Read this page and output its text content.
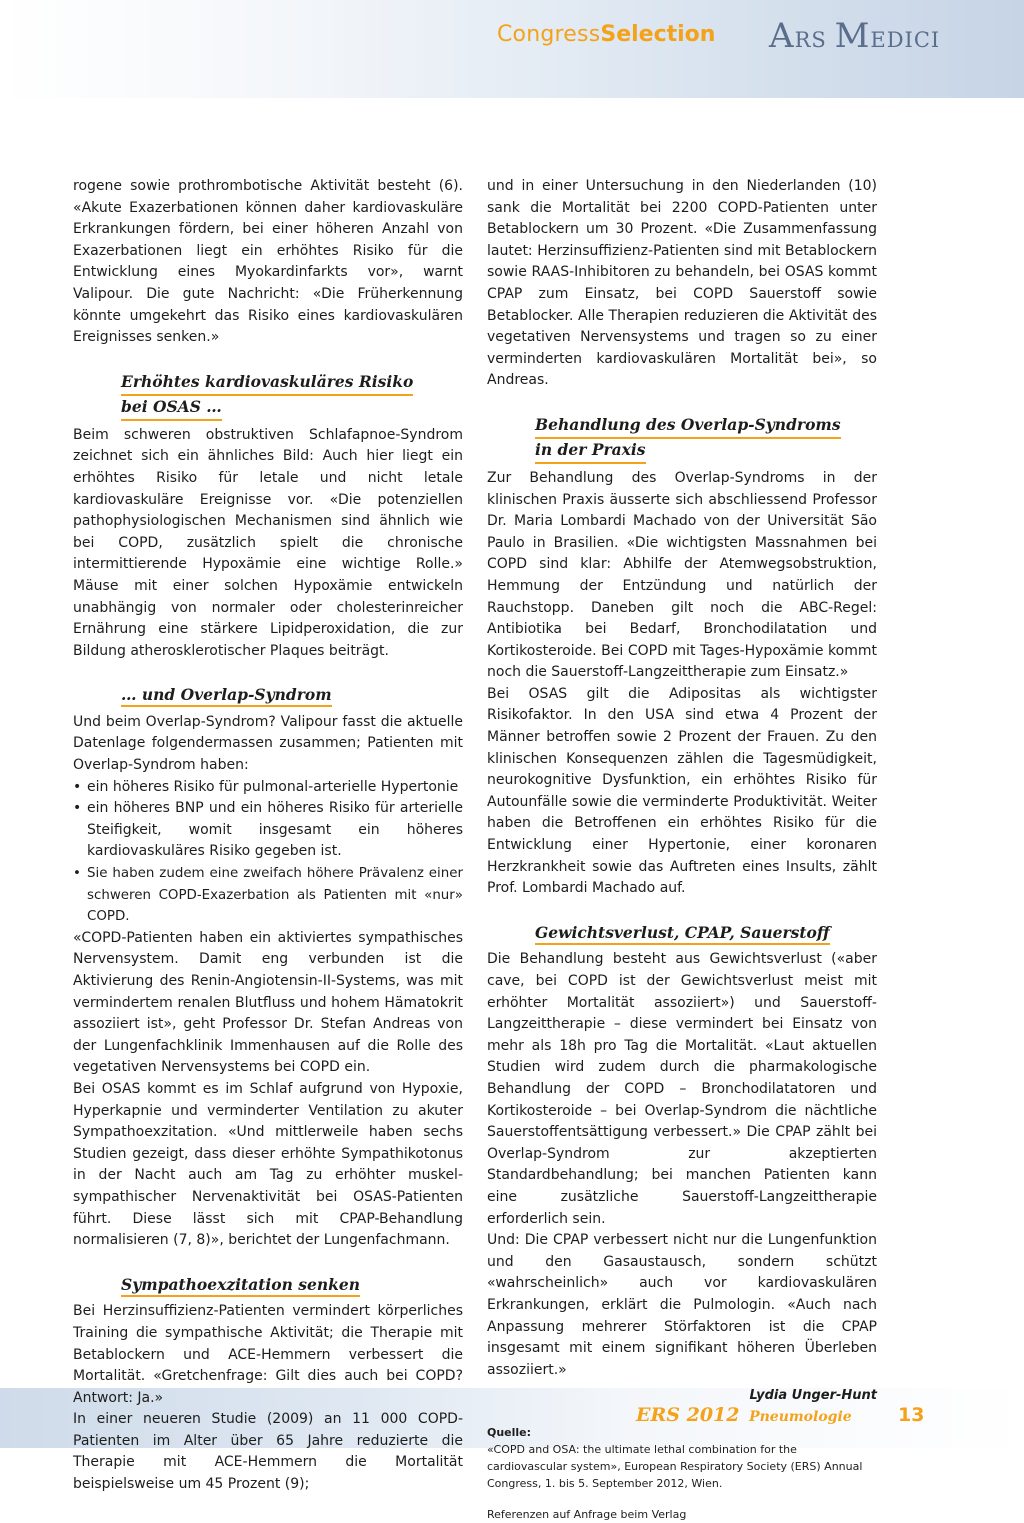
CongressSelection ARS  MEDICI

rogene sowie prothrombotische Aktivität besteht (6). «Akute Exazerbationen können daher kardiovaskuläre Erkrankungen fördern, bei einer höheren Anzahl von Exazerbationen liegt ein erhöhtes Risiko für die Entwicklung eines Myokardinfarkts vor», warnt Valipour. Die gute Nachricht: «Die Früherkennung könnte umgekehrt das Risiko eines kardiovaskulären Ereignisses senken.»

Erhöhtes kardiovaskuläres Risiko
bei OSAS …

Beim schweren obstruktiven Schlafapnoe-Syndrom zeichnet sich ein ähnliches Bild: Auch hier liegt ein erhöhtes Risiko für letale und nicht letale kardiovaskuläre Ereignisse vor. «Die potenziellen pathophysiologischen Mechanismen sind ähnlich wie bei COPD, zusätzlich spielt die chronische intermittierende Hypoxämie eine wichtige Rolle.» Mäuse mit einer solchen Hypoxämie entwickeln unabhängig von normaler oder cholesterinreicher Ernährung eine stärkere Lipidperoxidation, die zur Bildung atherosklerotischer Plaques beiträgt.

… und Overlap-Syndrom

Und beim Overlap-Syndrom? Valipour fasst die aktuelle Datenlage folgendermassen zusammen; Patienten mit Overlap-Syndrom haben:

• ein höheres Risiko für pulmonal-arterielle Hypertonie
• ein höheres BNP und ein höheres Risiko für arterielle Steifigkeit, womit insgesamt ein höheres kardiovaskuläres Risiko gegeben ist.
• Sie haben zudem eine zweifach höhere Prävalenz einer schweren COPD-Exazerbation als Patienten mit «nur» COPD.

«COPD-Patienten haben ein aktiviertes sympathisches Nervensystem. Damit eng verbunden ist die Aktivierung des Renin-Angiotensin-II-Systems, was mit vermindertem renalen Blutfluss und hohem Hämatokrit assoziiert ist», geht Professor Dr. Stefan Andreas von der Lungenfachklinik Immenhausen auf die Rolle des vegetativen Nervensystems bei COPD ein.

Bei OSAS kommt es im Schlaf aufgrund von Hypoxie, Hyperkapnie und verminderter Ventilation zu akuter Sympathoexzitation. «Und mittlerweile haben sechs Studien gezeigt, dass dieser erhöhte Sympathikotonus in der Nacht auch am Tag zu erhöhter muskel-sympathischer Nervenaktivität bei OSAS-Patienten führt. Diese lässt sich mit CPAP-Behandlung normalisieren (7, 8)», berichtet der Lungenfachmann.

Sympathoexzitation senken

Bei Herzinsuffizienz-Patienten vermindert körperliches Training die sympathische Aktivität; die Therapie mit Betablockern und ACE-Hemmern verbessert die Mortalität. «Gretchenfrage: Gilt dies auch bei COPD? Antwort: Ja.»

In einer neueren Studie (2009) an 11 000 COPD-Patienten im Alter über 65 Jahre reduzierte die Therapie mit ACE-Hemmern die Mortalität beispielsweise um 45 Prozent (9);

und in einer Untersuchung in den Niederlanden (10) sank die Mortalität bei 2200 COPD-Patienten unter Betablockern um 30 Prozent. «Die Zusammenfassung lautet: Herzinsuffizienz-Patienten sind mit Betablockern sowie RAAS-Inhibitoren zu behandeln, bei OSAS kommt CPAP zum Einsatz, bei COPD Sauerstoff sowie Betablocker. Alle Therapien reduzieren die Aktivität des vegetativen Nervensystems und tragen so zu einer verminderten kardiovaskulären Mortalität bei», so Andreas.

Behandlung des Overlap-Syndroms
in der Praxis

Zur Behandlung des Overlap-Syndroms in der klinischen Praxis äusserte sich abschliessend Professor Dr. Maria Lombardi Machado von der Universität São Paulo in Brasilien. «Die wichtigsten Massnahmen bei COPD sind klar: Abhilfe der Atemwegsobstruktion, Hemmung der Entzündung und natürlich der Rauchstopp. Daneben gilt noch die ABC-Regel: Antibiotika bei Bedarf, Bronchodilatation und Kortikosteroide. Bei COPD mit Tages-Hypoxämie kommt noch die Sauerstoff-Langzeittherapie zum Einsatz.»

Bei OSAS gilt die Adipositas als wichtigster Risikofaktor. In den USA sind etwa 4 Prozent der Männer betroffen sowie 2 Prozent der Frauen. Zu den klinischen Konsequenzen zählen die Tagesmüdigkeit, neurokognitive Dysfunktion, ein erhöhtes Risiko für Autounfälle sowie die verminderte Produktivität. Weiter haben die Betroffenen ein erhöhtes Risiko für die Entwicklung einer Hypertonie, einer koronaren Herzkrankheit sowie das Auftreten eines Insults, zählt Prof. Lombardi Machado auf.

Gewichtsverlust, CPAP, Sauerstoff

Die Behandlung besteht aus Gewichtsverlust («aber cave, bei COPD ist der Gewichtsverlust meist mit erhöhter Mortalität assoziiert») und Sauerstoff-Langzeittherapie – diese vermindert bei Einsatz von mehr als 18h pro Tag die Mortalität. «Laut aktuellen Studien wird zudem durch die pharmakologische Behandlung der COPD – Bronchodilatatoren und Kortikosteroide – bei Overlap-Syndrom die nächtliche Sauerstoffentsättigung verbessert.» Die CPAP zählt bei Overlap-Syndrom zur akzeptierten Standardbehandlung; bei manchen Patienten kann eine zusätzliche Sauerstoff-Langzeittherapie erforderlich sein.

Und: Die CPAP verbessert nicht nur die Lungenfunktion und den Gasaustausch, sondern schützt «wahrscheinlich» auch vor kardiovaskulären Erkrankungen, erklärt die Pulmologin. «Auch nach Anpassung mehrerer Störfaktoren ist die CPAP insgesamt mit einem signifikant höheren Überleben assoziiert.»

Lydia Unger-Hunt
Quelle:
«COPD and OSA: the ultimate lethal combination for the cardiovascular system», European Respiratory Society (ERS) Annual Congress, 1. bis 5. September 2012, Wien.
Referenzen auf Anfrage beim Verlag
ERS 2012 Pneumologie 13
